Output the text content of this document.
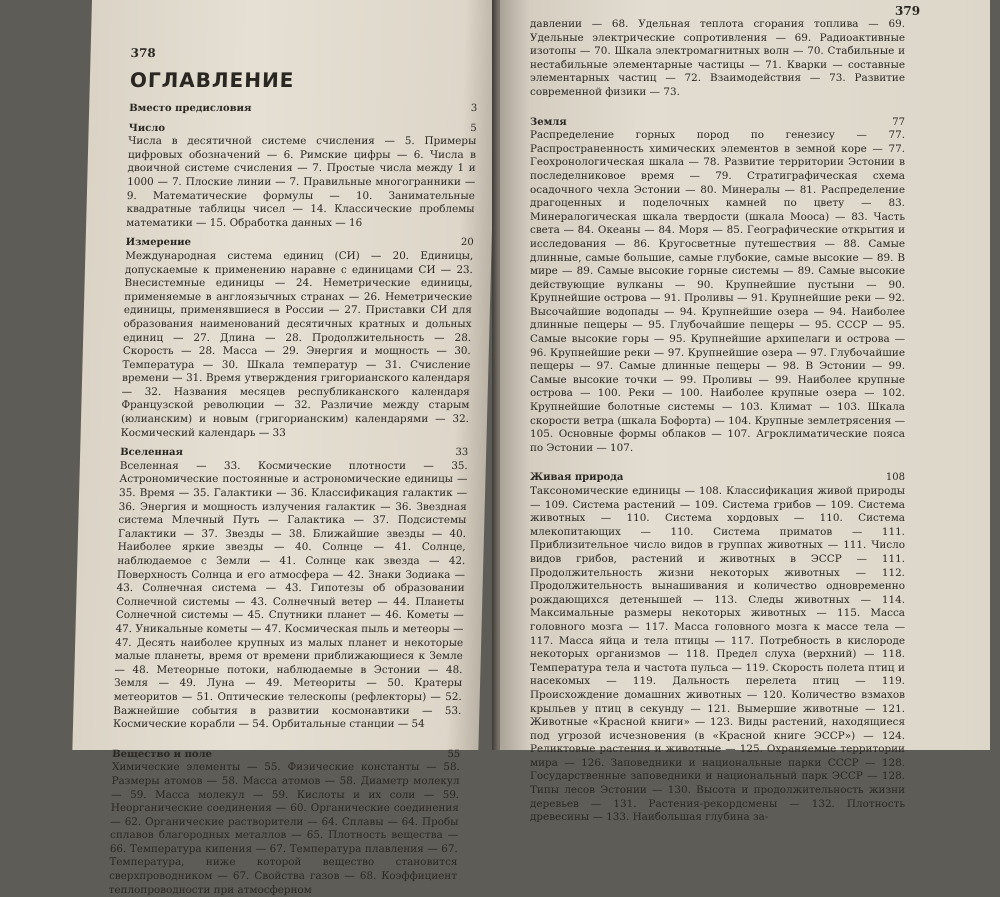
378
ОГЛАВЛЕНИЕ
Вместо предисловия	3
Число	5
Числа в десятичной системе счисления — 5. Примеры цифровых обозначений — 6. Римские цифры — 6. Числа в двоичной системе счисления — 7. Простые числа между 1 и 1000 — 7. Плоские линии — 7. Правильные многогранники — 9. Математические формулы — 10. Занимательные квадратные таблицы чисел — 14. Классические проблемы математики — 15. Обработка данных — 16
Измерение	20
Международная система единиц (СИ) — 20. Единицы, допускаемые к применению наравне с единицами СИ — 23. Внесистемные единицы — 24. Неметрические единицы, применяемые в англоязычных странах — 26. Неметрические единицы, применявшиеся в России — 27. Приставки СИ для образования наименований десятичных кратных и дольных единиц — 27. Длина — 28. Продолжительность — 28. Скорость — 28. Масса — 29. Энергия и мощность — 30. Температура — 30. Шкала температур — 31. Счисление времени — 31. Время утверждения григорианского календаря — 32. Названия месяцев республиканского календаря Французской революции — 32. Различие между старым (юлианским) и новым (григорианским) календарями — 32. Космический календарь — 33
Вселенная	33
Вселенная — 33. Космические плотности — 35. Астрономические постоянные и астрономические единицы — 35. Время — 35. Галактики — 36. Классификация галактик — 36. Энергия и мощность излучения галактик — 36. Звездная система Млечный Путь — Галактика — 37. Подсистемы Галактики — 37. Звезды — 38. Ближайшие звезды — 40. Наиболее яркие звезды — 40. Солнце — 41. Солнце, наблюдаемое с Земли — 41. Солнце как звезда — 42. Поверхность Солнца и его атмосфера — 42. Знаки Зодиака — 43. Солнечная система — 43. Гипотезы об образовании Солнечной системы — 43. Солнечный ветер — 44. Планеты Солнечной системы — 45. Спутники планет — 46. Кометы — 47. Уникальные кометы — 47. Космическая пыль и метеоры — 47. Десять наиболее крупных из малых планет и некоторые малые планеты, время от времени приближающиеся к Земле — 48. Метеорные потоки, наблюдаемые в Эстонии — 48. Земля — 49. Луна — 49. Метеориты — 50. Кратеры метеоритов — 51. Оптические телескопы (рефлекторы) — 52. Важнейшие события в развитии космонавтики — 53. Космические корабли — 54. Орбитальные станции — 54
Вещество и поле	55
Химические элементы — 55. Физические константы — 58. Размеры атомов — 58. Масса атомов — 58. Диаметр молекул — 59. Масса молекул — 59. Кислоты и их соли — 59. Неорганические соединения — 60. Органические соединения — 62. Органические растворители — 64. Сплавы — 64. Пробы сплавов благородных металлов — 65. Плотность вещества — 66. Температура кипения — 67. Температура плавления — 67. Температура, ниже которой вещество становится сверхпроводником — 67. Свойства газов — 68. Коэффициент теплопроводности при атмосферном
379
давлении — 68. Удельная теплота сгорания топлива — 69. Удельные электрические сопротивления — 69. Радиоактивные изотопы — 70. Шкала электромагнитных волн — 70. Стабильные и нестабильные элементарные частицы — 71. Кварки — составные элементарных частиц — 72. Взаимодействия — 73. Развитие современной физики — 73.
Земля	77
Распределение горных пород по генезису — 77. Распространенность химических элементов в земной коре — 77. Геохронологическая шкала — 78. Развитие территории Эстонии в последелниковое время — 79. Стратиграфическая схема осадочного чехла Эстонии — 80. Минералы — 81. Распределение драгоценных и поделочных камней по цвету — 83. Минералогическая шкала твердости (шкала Мооса) — 83. Часть света — 84. Океаны — 84. Моря — 85. Географические открытия и исследования — 86. Кругосветные путешествия — 88. Самые длинные, самые большие, самые глубокие, самые высокие — 89. В мире — 89. Самые высокие горные системы — 89. Самые высокие действующие вулканы — 90. Крупнейшие пустыни — 90. Крупнейшие острова — 91. Проливы — 91. Крупнейшие реки — 92. Высочайшие водопады — 94. Крупнейшие озера — 94. Наиболее длинные пещеры — 95. Глубочайшие пещеры — 95. СССР — 95. Самые высокие горы — 95. Крупнейшие архипелаги и острова — 96. Крупнейшие реки — 97. Крупнейшие озера — 97. Глубочайшие пещеры — 97. Самые длинные пещеры — 98. В Эстонии — 99. Самые высокие точки — 99. Проливы — 99. Наиболее крупные острова — 100. Реки — 100. Наиболее крупные озера — 102. Крупнейшие болотные системы — 103. Климат — 103. Шкала скорости ветра (шкала Бофорта) — 104. Крупные землетрясения — 105. Основные формы облаков — 107. Агроклиматические пояса по Эстонии — 107.
Живая природа	108
Таксономические единицы — 108. Классификация живой природы — 109. Система растений — 109. Система грибов — 109. Система животных — 110. Система хордовых — 110. Система млекопитающих — 110. Система приматов — 111. Приблизительное число видов в группах животных — 111. Число видов грибов, растений и животных в ЭССР — 111. Продолжительность жизни некоторых животных — 112. Продолжительность вынашивания и количество одновременно рождающихся детенышей — 113. Следы животных — 114. Максимальные размеры некоторых животных — 115. Масса головного мозга — 117. Масса головного мозга к массе тела — 117. Масса яйца и тела птицы — 117. Потребность в кислороде некоторых организмов — 118. Предел слуха (верхний) — 118. Температура тела и частота пульса — 119. Скорость полета птиц и насекомых — 119. Дальность перелета птиц — 119. Происхождение домашних животных — 120. Количество взмахов крыльев у птиц в секунду — 121. Вымершие животные — 121. Животные «Красной книги» — 123. Виды растений, находящиеся под угрозой исчезновения (в «Красной книге ЭССР») — 124. Реликтовые растения и животные — 125. Охраняемые территории мира — 126. Заповедники и национальные парки СССР — 128. Государственные заповедники и национальный парк ЭССР — 128. Типы лесов Эстонии — 130. Высота и продолжительность жизни деревьев — 131. Растения-рекордсмены — 132. Плотность древесины — 133. Наибольшая глубина за-
